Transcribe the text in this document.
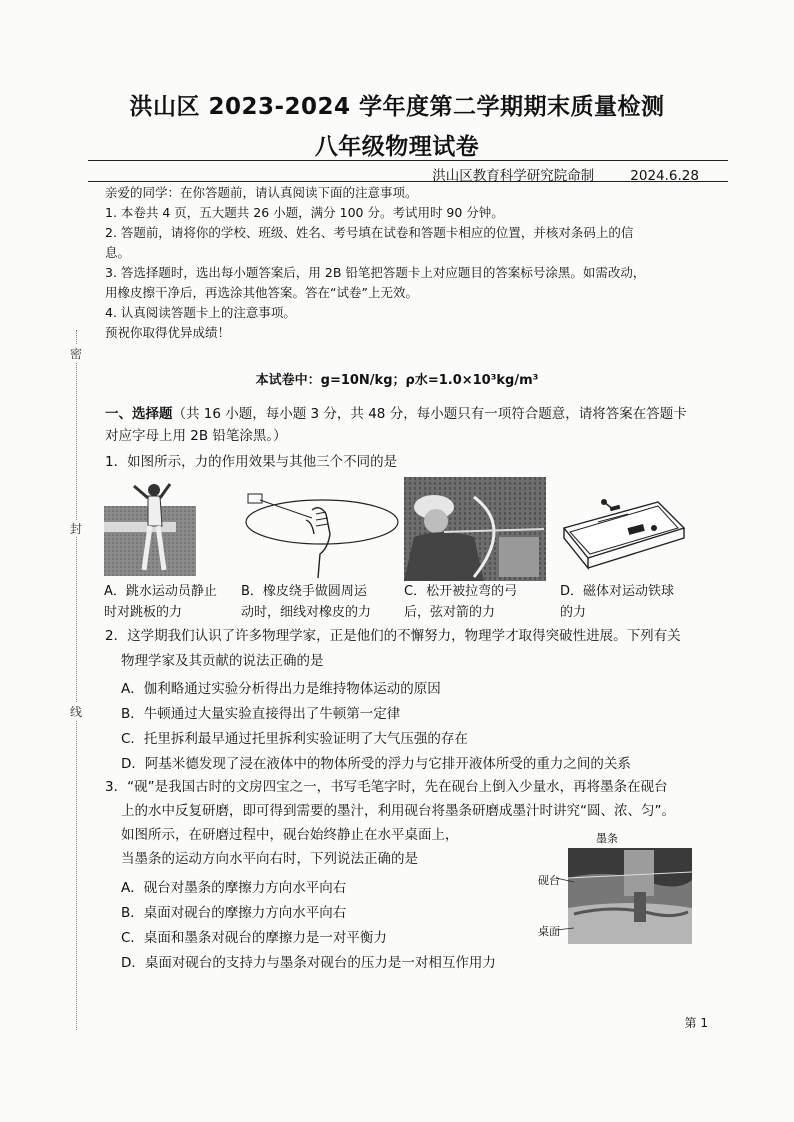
洪山区 2023-2024 学年度第二学期期末质量检测
八年级物理试卷
洪山区教育科学研究院命制	2024.6.28
亲爱的同学：在你答题前，请认真阅读下面的注意事项。
1. 本卷共 4 页，五大题共 26 小题，满分 100 分。考试用时 90 分钟。
2. 答题前，请将你的学校、班级、姓名、考号填在试卷和答题卡相应的位置，并核对条码上的信
息。
3. 答选择题时，选出每小题答案后，用 2B 铅笔把答题卡上对应题目的答案标号涂黑。如需改动，
用橡皮擦干净后，再选涂其他答案。答在“试卷”上无效。
4. 认真阅读答题卡上的注意事项。
预祝你取得优异成绩！
密
封
线
本试卷中：g=10N/kg；ρ水=1.0×10³kg/m³
一、选择题（共 16 小题，每小题 3 分，共 48 分，每小题只有一项符合题意，请将答案在答题卡
对应字母上用 2B 铅笔涂黑。）
1．如图所示，力的作用效果与其他三个不同的是
A．跳水运动员静止
时对跳板的力
B．橡皮绕手做圆周运
动时，细线对橡皮的力
C．松开被拉弯的弓
后，弦对箭的力
D．磁体对运动铁球
的力
2．这学期我们认识了许多物理学家，正是他们的不懈努力，物理学才取得突破性进展。下列有关
物理学家及其贡献的说法正确的是
A．伽利略通过实验分析得出力是维持物体运动的原因
B．牛顿通过大量实验直接得出了牛顿第一定律
C．托里拆利最早通过托里拆利实验证明了大气压强的存在
D．阿基米德发现了浸在液体中的物体所受的浮力与它排开液体所受的重力之间的关系
3．“砚”是我国古时的文房四宝之一，书写毛笔字时，先在砚台上倒入少量水，再将墨条在砚台
上的水中反复研磨，即可得到需要的墨汁，利用砚台将墨条研磨成墨汁时讲究“圆、浓、匀”。
如图所示，在研磨过程中，砚台始终静止在水平桌面上，
当墨条的运动方向水平向右时，下列说法正确的是
A．砚台对墨条的摩擦力方向水平向右
B．桌面对砚台的摩擦力方向水平向右
C．桌面和墨条对砚台的摩擦力是一对平衡力
D．桌面对砚台的支持力与墨条对砚台的压力是一对相互作用力
墨条
砚台
桌面
第 1
